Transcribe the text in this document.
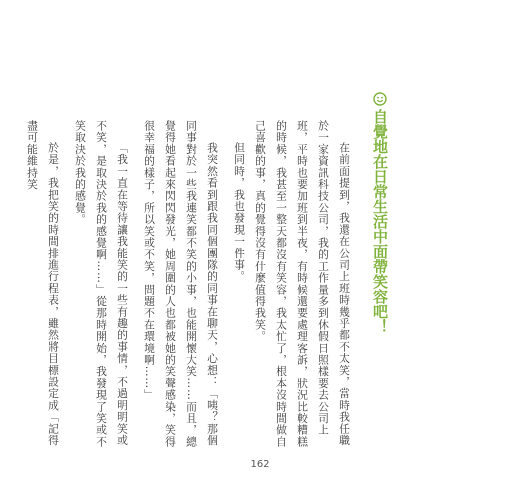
自覺地在日常生活中面帶笑容吧！

在前面提到，我還在公司上班時幾乎都不太笑，當時我任職於一家資訊科技公司，我的工作量多到休假日照樣要去公司上班，平時也要加班到半夜，有時候還要處理客訴，狀況比較糟糕的時候，我甚至一整天都沒有笑容，我太忙了，根本沒時間做自己喜歡的事，真的覺得沒有什麼值得我笑。

但同時，我也發現一件事。

我突然看到跟我同個團隊的同事在聊天，心想：「咦？那個同事對於一些我連笑都不笑的小事，也能開懷大笑……而且，總覺得她看起來閃閃發光，她周圍的人也都被她的笑聲感染，笑得很幸福的樣子，所以笑或不笑，問題不在環境啊……」

「我一直在等待讓我能笑的一些有趣的事情，不過明明笑或不笑，是取決於我的感覺啊……」從那時開始，我發現了笑或不笑取決於我的感覺。

於是，我把笑的時間排進行程表，雖然將目標設定成「記得盡可能維持笑

162
